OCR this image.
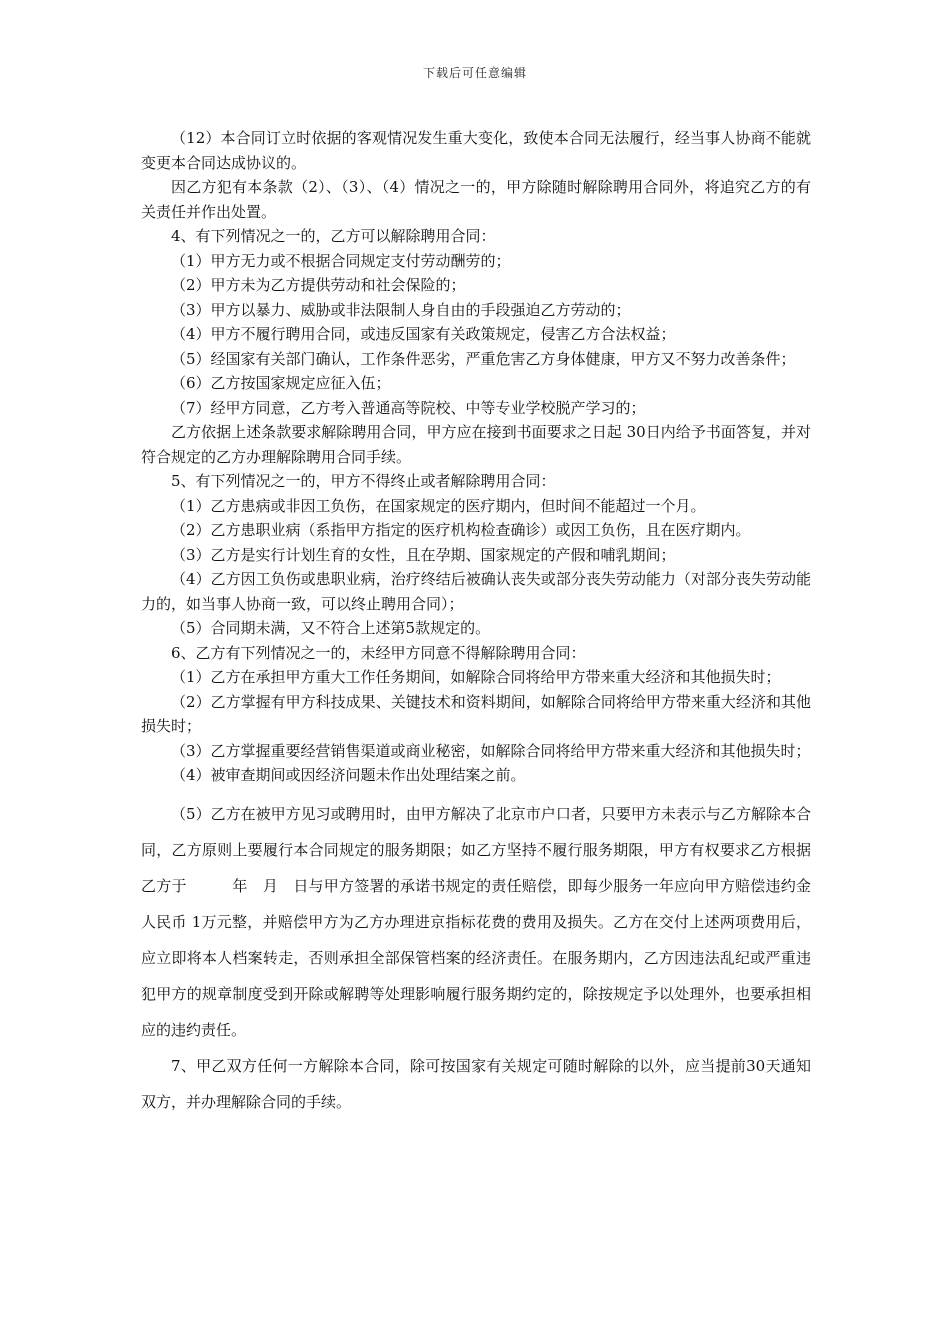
下载后可任意编辑

（12）本合同订立时依据的客观情况发生重大变化，致使本合同无法履行，经当事人协商不能就变更本合同达成协议的。

因乙方犯有本条款（2）、（3）、（4）情况之一的，甲方除随时解除聘用合同外，将追究乙方的有关责任并作出处置。

4、有下列情况之一的，乙方可以解除聘用合同：

（1）甲方无力或不根据合同规定支付劳动酬劳的；

（2）甲方未为乙方提供劳动和社会保险的；

（3）甲方以暴力、威胁或非法限制人身自由的手段强迫乙方劳动的；

（4）甲方不履行聘用合同，或违反国家有关政策规定，侵害乙方合法权益；

（5）经国家有关部门确认，工作条件恶劣，严重危害乙方身体健康，甲方又不努力改善条件；

（6）乙方按国家规定应征入伍；

（7）经甲方同意，乙方考入普通高等院校、中等专业学校脱产学习的；

乙方依据上述条款要求解除聘用合同，甲方应在接到书面要求之日起 30日内给予书面答复，并对符合规定的乙方办理解除聘用合同手续。

5、有下列情况之一的，甲方不得终止或者解除聘用合同：

（1）乙方患病或非因工负伤，在国家规定的医疗期内，但时间不能超过一个月。

（2）乙方患职业病（系指甲方指定的医疗机构检查确诊）或因工负伤，且在医疗期内。

（3）乙方是实行计划生育的女性，且在孕期、国家规定的产假和哺乳期间；

（4）乙方因工负伤或患职业病，治疗终结后被确认丧失或部分丧失劳动能力（对部分丧失劳动能力的，如当事人协商一致，可以终止聘用合同）；

（5）合同期未满，又不符合上述第5款规定的。

6、乙方有下列情况之一的，未经甲方同意不得解除聘用合同：

（1）乙方在承担甲方重大工作任务期间，如解除合同将给甲方带来重大经济和其他损失时；

（2）乙方掌握有甲方科技成果、关键技术和资料期间，如解除合同将给甲方带来重大经济和其他损失时；

（3）乙方掌握重要经营销售渠道或商业秘密，如解除合同将给甲方带来重大经济和其他损失时；

（4）被审查期间或因经济问题未作出处理结案之前。

（5）乙方在被甲方见习或聘用时，由甲方解决了北京市户口者，只要甲方未表示与乙方解除本合同，乙方原则上要履行本合同规定的服务期限；如乙方坚持不履行服务期限，甲方有权要求乙方根据乙方于　　　年　月　日与甲方签署的承诺书规定的责任赔偿，即每少服务一年应向甲方赔偿违约金人民币 1万元整，并赔偿甲方为乙方办理进京指标花费的费用及损失。乙方在交付上述两项费用后，应立即将本人档案转走，否则承担全部保管档案的经济责任。在服务期内，乙方因违法乱纪或严重违犯甲方的规章制度受到开除或解聘等处理影响履行服务期约定的，除按规定予以处理外，也要承担相应的违约责任。

7、甲乙双方任何一方解除本合同，除可按国家有关规定可随时解除的以外，应当提前30天通知双方，并办理解除合同的手续。
